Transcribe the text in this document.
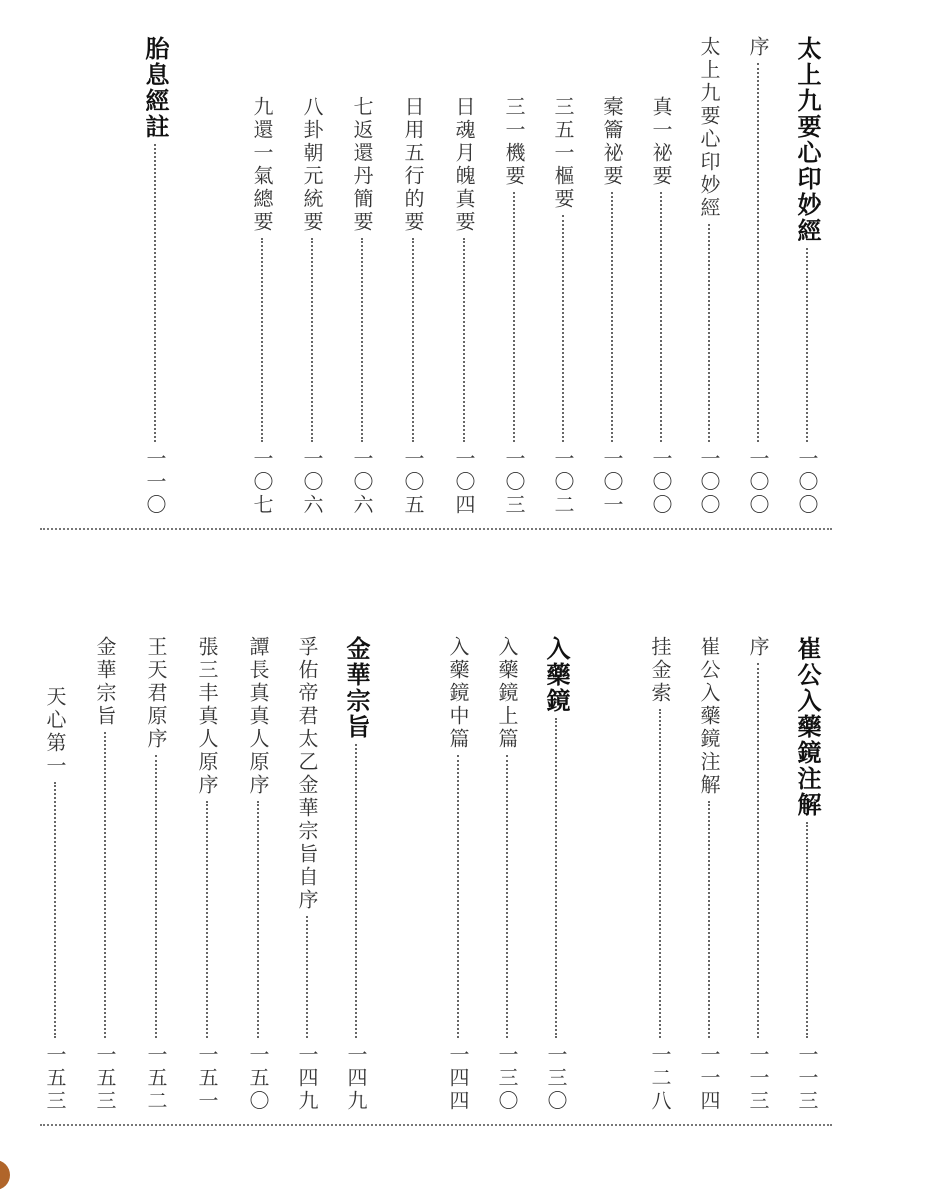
太上九要心印妙經
一〇〇
序
一〇〇
太上九要心印妙經
一〇〇
真一祕要
一〇〇
槖籥祕要
一〇一
三五一樞要
一〇二
三一機要
一〇三
日魂月魄真要
一〇四
日用五行的要
一〇五
七返還丹簡要
一〇六
八卦朝元統要
一〇六
九還一氣總要
一〇七
胎息經註
一一〇
崔公入藥鏡注解
一一三
序
一一三
崔公入藥鏡注解
一一四
挂金索
一二八
入藥鏡
一三〇
入藥鏡上篇
一三〇
入藥鏡中篇
一四四
金華宗旨
一四九
孚佑帝君太乙金華宗旨自序
一四九
譚長真真人原序
一五〇
張三丰真人原序
一五一
王天君原序
一五二
金華宗旨
一五三
天心第一
一五三
